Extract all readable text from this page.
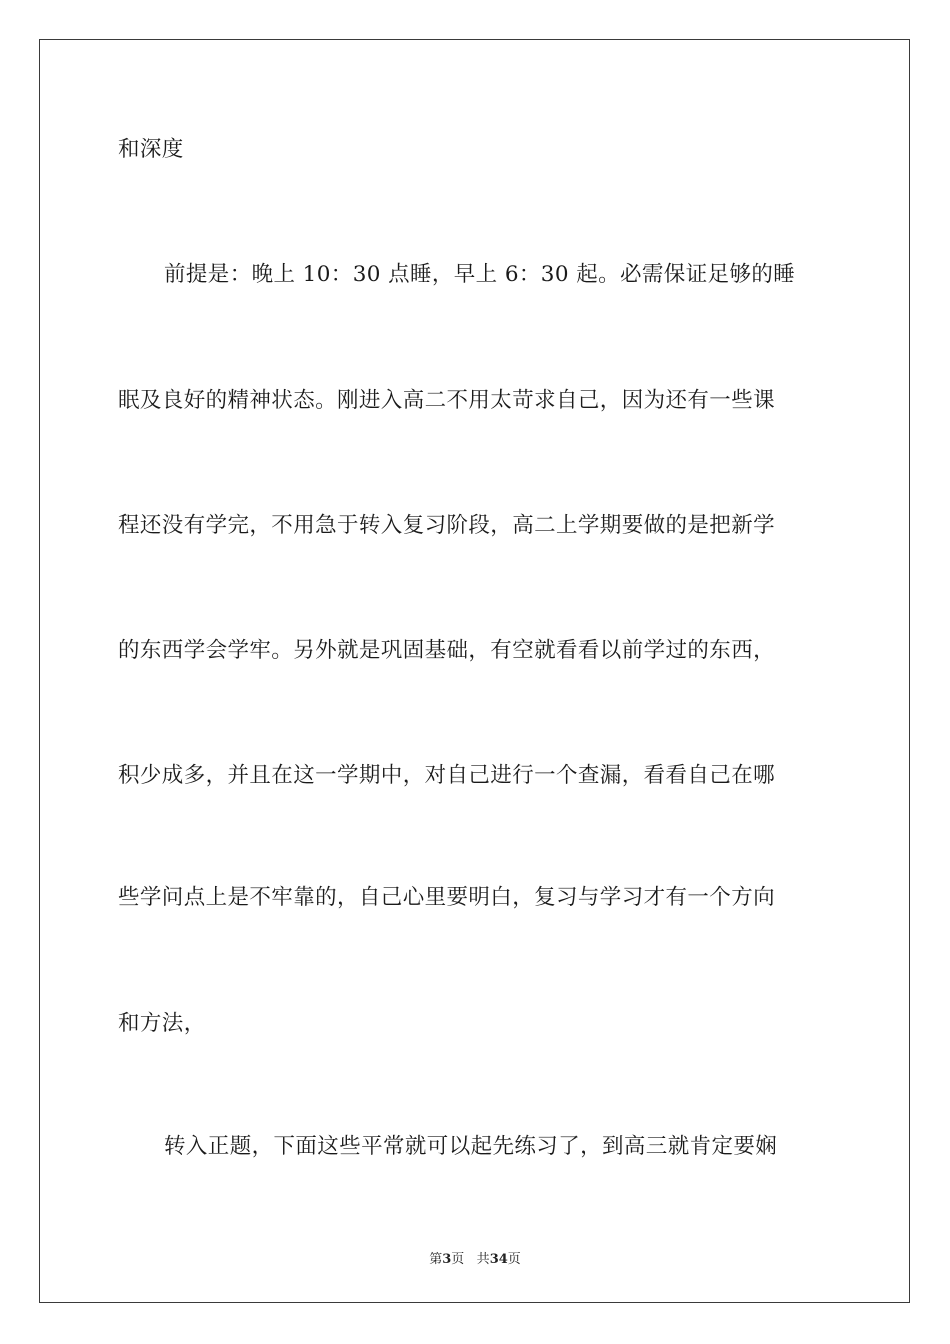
和深度
前提是：晚上 10：30 点睡，早上 6：30 起。必需保证足够的睡
眠及良好的精神状态。刚进入高二不用太苛求自己，因为还有一些课
程还没有学完，不用急于转入复习阶段，高二上学期要做的是把新学
的东西学会学牢。另外就是巩固基础，有空就看看以前学过的东西，
积少成多，并且在这一学期中，对自己进行一个查漏，看看自己在哪
些学问点上是不牢靠的，自己心里要明白，复习与学习才有一个方向
和方法，
转入正题，下面这些平常就可以起先练习了，到高三就肯定要娴
第3页 共34页
